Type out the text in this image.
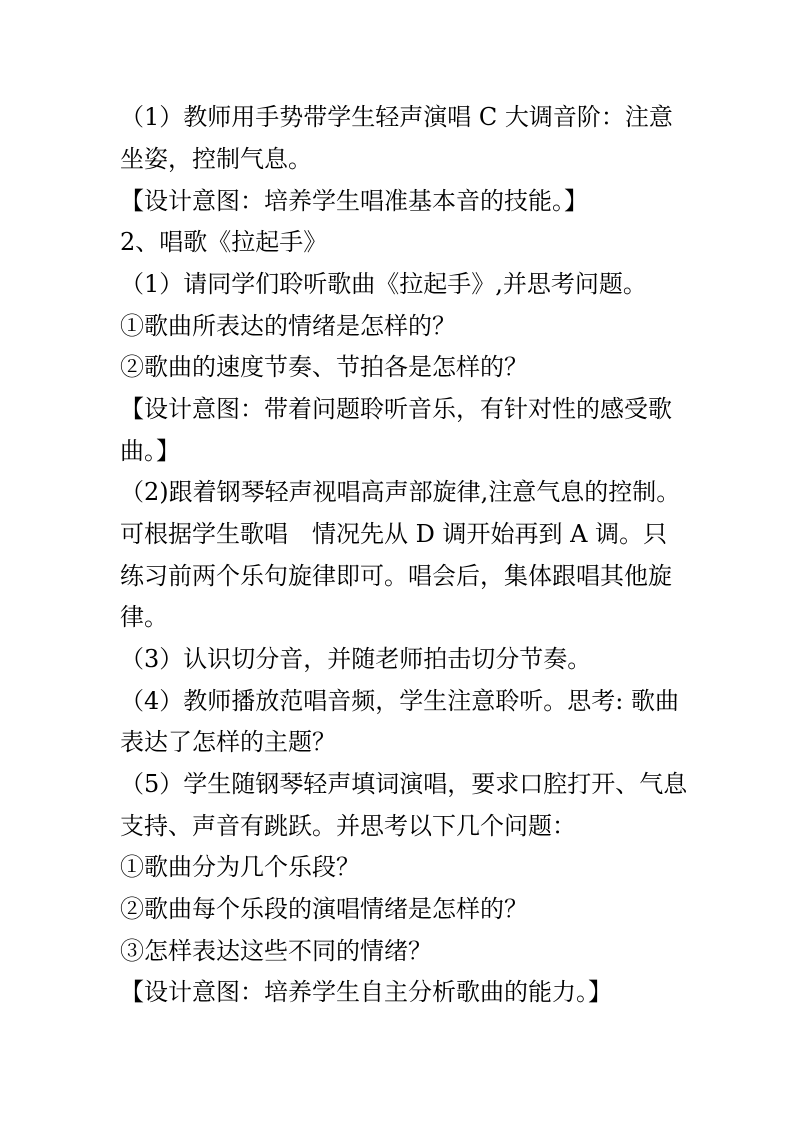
（1）教师用手势带学生轻声演唱 C 大调音阶：注意
坐姿，控制气息。
【设计意图：培养学生唱准基本音的技能。】
2、唱歌《拉起手》
（1）请同学们聆听歌曲《拉起手》,并思考问题。
①歌曲所表达的情绪是怎样的？
②歌曲的速度节奏、节拍各是怎样的？
【设计意图：带着问题聆听音乐，有针对性的感受歌
曲。】
（2)跟着钢琴轻声视唱高声部旋律,注意气息的控制。
可根据学生歌唱　情况先从 D 调开始再到 A 调。只
练习前两个乐句旋律即可。唱会后，集体跟唱其他旋
律。
（3）认识切分音，并随老师拍击切分节奏。
（4）教师播放范唱音频，学生注意聆听。思考: 歌曲
表达了怎样的主题？
（5）学生随钢琴轻声填词演唱，要求口腔打开、气息
支持、声音有跳跃。并思考以下几个问题：
①歌曲分为几个乐段？
②歌曲每个乐段的演唱情绪是怎样的？
③怎样表达这些不同的情绪？
【设计意图：培养学生自主分析歌曲的能力。】
